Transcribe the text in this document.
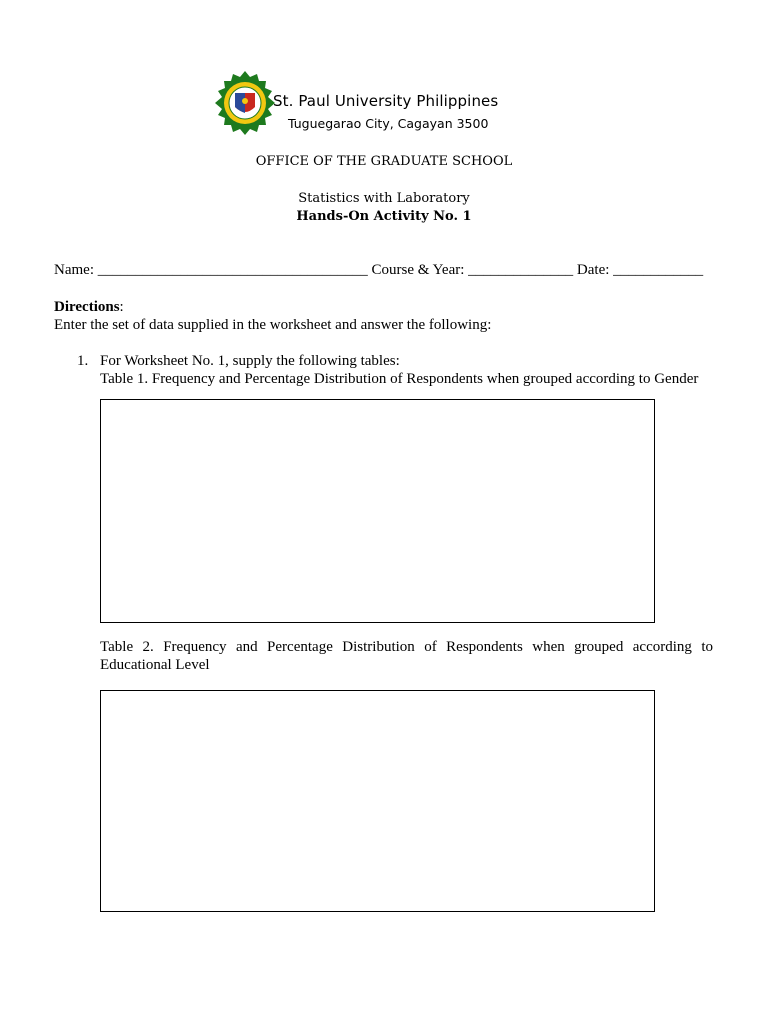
St. Paul University Philippines
Tuguegarao City, Cagayan 3500
OFFICE OF THE GRADUATE SCHOOL
Statistics with Laboratory
Hands-On Activity No. 1
Name: ____________________________________ Course & Year: ______________ Date: ____________
Directions:
Enter the set of data supplied in the worksheet and answer the following:
1. For Worksheet No. 1, supply the following tables:
Table 1. Frequency and Percentage Distribution of Respondents when grouped according to Gender
Table 2. Frequency and Percentage Distribution of Respondents when grouped according to Educational Level
